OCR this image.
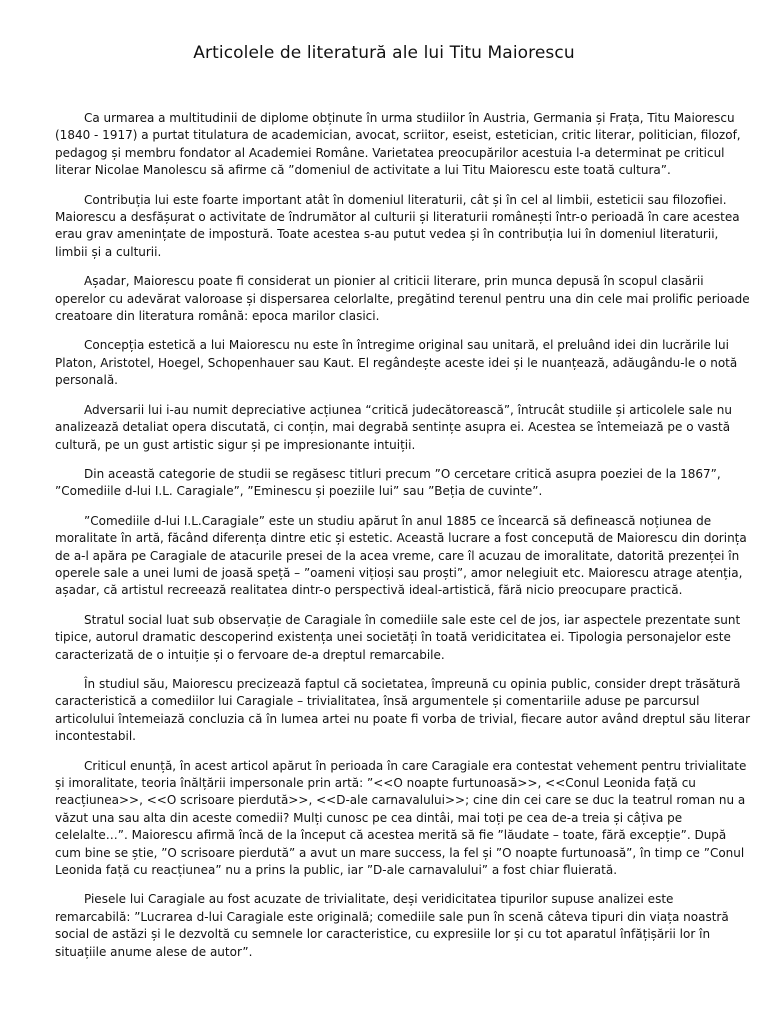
Articolele de literatură ale lui Titu Maiorescu

Ca urmarea a multitudinii de diplome obținute în urma studiilor în Austria, Germania și Frața, Titu Maiorescu (1840 - 1917) a purtat titulatura de academician, avocat, scriitor, eseist, estetician, critic literar, politician, filozof, pedagog și membru fondator al Academiei Române. Varietatea preocupărilor acestuia l-a determinat pe criticul literar Nicolae Manolescu să afirme că ”domeniul de activitate a lui Titu Maiorescu este toată cultura”.

Contribuția lui este foarte important atât în domeniul literaturii, cât și în cel al limbii, esteticii sau filozofiei. Maiorescu a desfășurat o activitate de îndrumător al culturii și literaturii românești într-o perioadă în care acestea erau grav amenințate de impostură. Toate acestea s-au putut vedea și în contribuția lui în domeniul literaturii, limbii și a culturii.

Așadar, Maiorescu poate fi considerat un pionier al criticii literare, prin munca depusă în scopul clasării operelor cu adevărat valoroase și dispersarea celorlalte, pregătind terenul pentru una din cele mai prolific perioade creatoare din literatura română: epoca marilor clasici.

Concepția estetică a lui Maiorescu nu este în întregime original sau unitară, el preluând idei din lucrările lui Platon, Aristotel, Hoegel, Schopenhauer sau Kaut. El regândește aceste idei și le nuanțează, adăugându-le o notă personală.

Adversarii lui i-au numit depreciative acțiunea “critică judecătorească”, întrucât studiile și articolele sale nu analizează detaliat opera discutată, ci conțin, mai degrabă sentințe asupra ei. Acestea se întemeiază pe o vastă cultură, pe un gust artistic sigur și pe impresionante intuiții.

Din această categorie de studii se regăsesc titluri precum ”O cercetare critică asupra poeziei de la 1867”, ”Comediile d-lui I.L. Caragiale”, ”Eminescu și poeziile lui” sau ”Beția de cuvinte”.

”Comediile d-lui I.L.Caragiale” este un studiu apărut în anul 1885 ce încearcă să definească noțiunea de moralitate în artă, făcând diferența dintre etic și estetic. Această lucrare a fost concepută de Maiorescu din dorința de a-l apăra pe Caragiale de atacurile presei de la acea vreme, care îl acuzau de imoralitate, datorită prezenței în operele sale a unei lumi de joasă speță – ”oameni vițioși sau proști”, amor nelegiuit etc. Maiorescu atrage atenția, așadar, că artistul recreează realitatea dintr-o perspectivă ideal-artistică, fără nicio preocupare practică.

Stratul social luat sub observație de Caragiale în comediile sale este cel de jos, iar aspectele prezentate sunt tipice, autorul dramatic descoperind existența unei societăți în toată veridicitatea ei. Tipologia personajelor este caracterizată de o intuiție și o fervoare de-a dreptul remarcabile.

În studiul său, Maiorescu precizează faptul că societatea, împreună cu opinia public, consider drept trăsătură caracteristică a comediilor lui Caragiale – trivialitatea, însă argumentele și comentariile aduse pe parcursul articolului întemeiază concluzia că în lumea artei nu poate fi vorba de trivial, fiecare autor având dreptul său literar incontestabil.

Criticul enunță, în acest articol apărut în perioada în care Caragiale era contestat vehement pentru trivialitate și imoralitate, teoria înălțării impersonale prin artă: ”<<O noapte furtunoasă>>, <<Conul Leonida față cu reacțiunea>>, <<O scrisoare pierdută>>, <<D-ale carnavalului>>; cine din cei care se duc la teatrul roman nu a văzut una sau alta din aceste comedii? Mulți cunosc pe cea dintâi, mai toți pe cea de-a treia și câțiva pe celelalte…”. Maiorescu afirmă încă de la început că acestea merită să fie ”lăudate – toate, fără excepție”. După cum bine se știe, ”O scrisoare pierdută” a avut un mare success, la fel și ”O noapte furtunoasă”, în timp ce ”Conul Leonida față cu reacțiunea” nu a prins la public, iar ”D-ale carnavalului” a fost chiar fluierată.

Piesele lui Caragiale au fost acuzate de trivialitate, deși veridicitatea tipurilor supuse analizei este remarcabilă: ”Lucrarea d-lui Caragiale este originală; comediile sale pun în scenă câteva tipuri din viața noastră social de astăzi și le dezvoltă cu semnele lor caracteristice, cu expresiile lor și cu tot aparatul înfățișării lor în situațiile anume alese de autor”.
